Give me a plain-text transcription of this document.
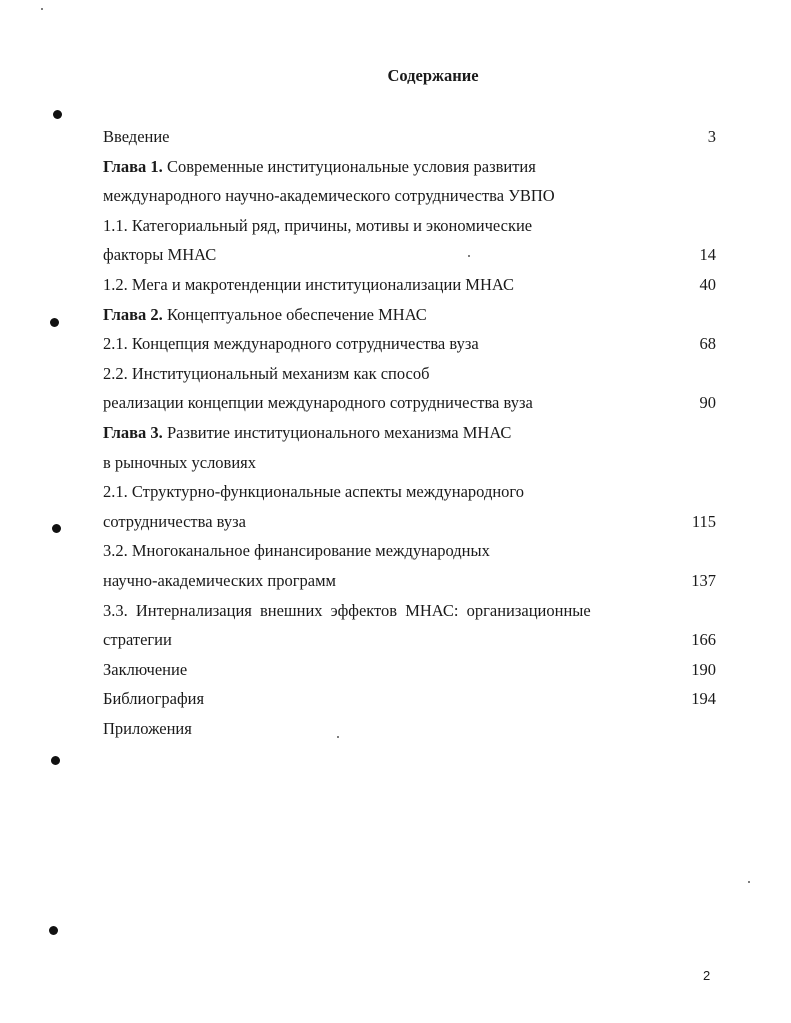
Содержание
Введение	3
Глава 1. Современные институциональные условия развития
международного научно-академического сотрудничества УВПО
1.1. Категориальный ряд, причины, мотивы и экономические
факторы МНАС	14
1.2. Мега и макротенденции институционализации МНАС	40
Глава 2. Концептуальное обеспечение МНАС
2.1. Концепция международного сотрудничества вуза	68
2.2. Институциональный механизм как способ
реализации концепции международного сотрудничества вуза	90
Глава 3. Развитие институционального механизма МНАС
в рыночных условиях
2.1. Структурно-функциональные аспекты международного
сотрудничества вуза	115
3.2. Многоканальное финансирование международных
научно-академических программ	137
3.3. Интернализация внешних эффектов МНАС: организационные
стратегии	166
Заключение	190
Библиография	194
Приложения
2
